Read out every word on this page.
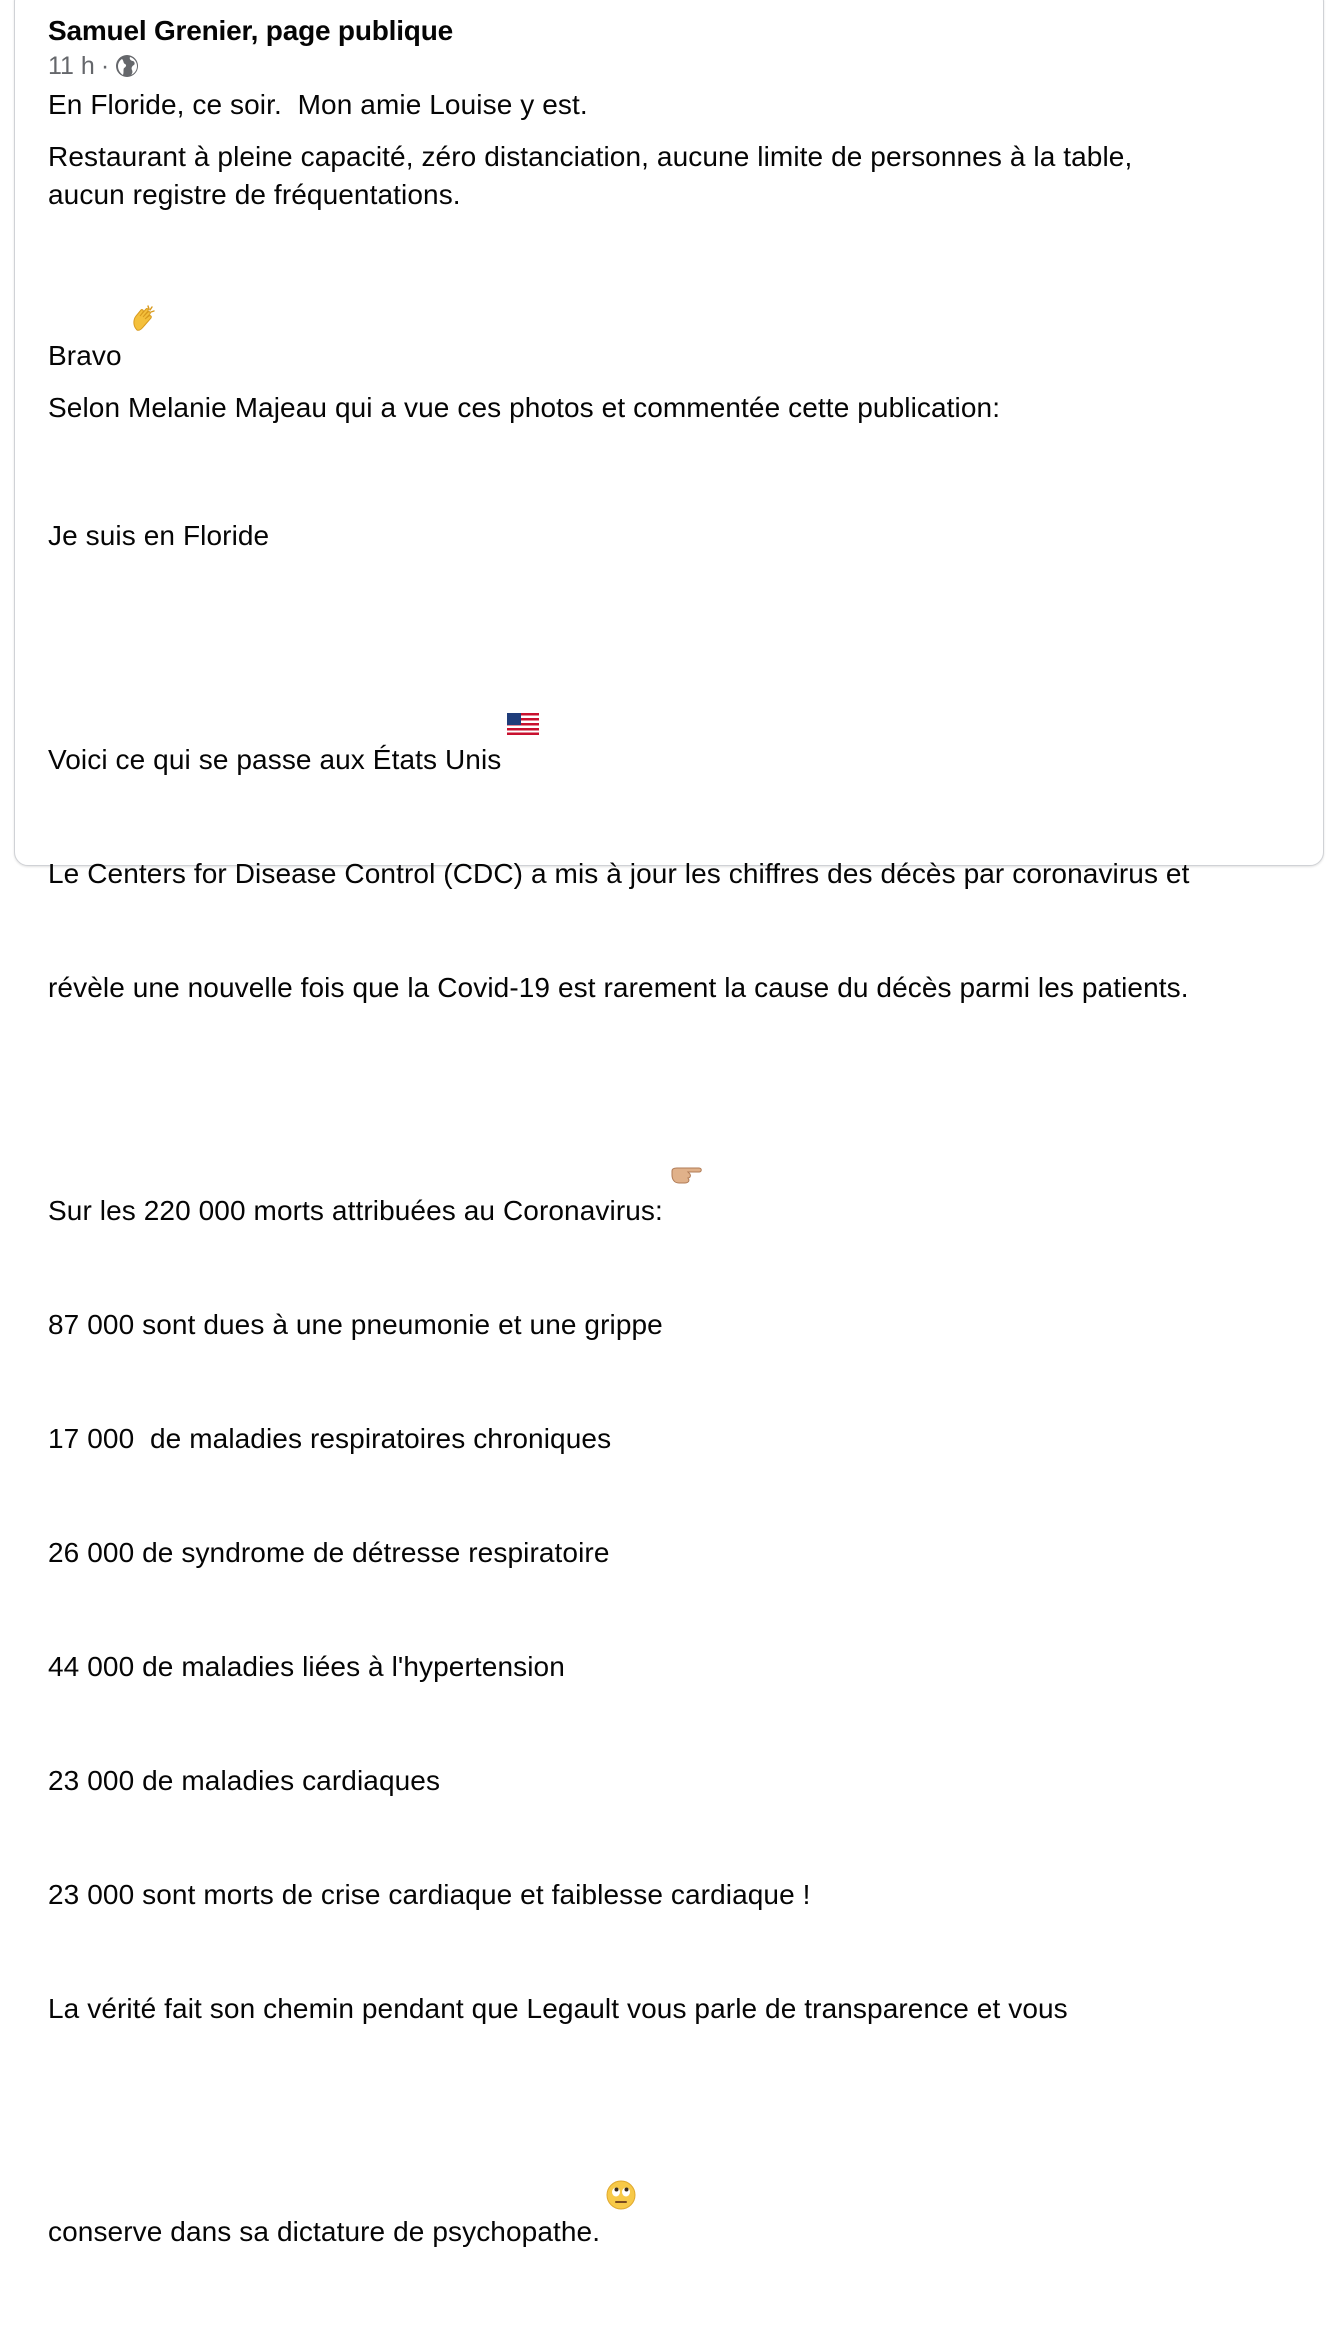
Samuel Grenier, page publique
11 h ·

En Floride, ce soir.  Mon amie Louise y est.

Restaurant à pleine capacité, zéro distanciation, aucune limite de personnes à la table,
aucun registre de fréquentations.

Bravo

Selon Melanie Majeau qui a vue ces photos et commentée cette publication:

Je suis en Floride

Voici ce qui se passe aux États Unis

Le Centers for Disease Control (CDC) a mis à jour les chiffres des décès par coronavirus et

révèle une nouvelle fois que la Covid-19 est rarement la cause du décès parmi les patients.

Sur les 220 000 morts attribuées au Coronavirus:

87 000 sont dues à une pneumonie et une grippe

17 000  de maladies respiratoires chroniques

26 000 de syndrome de détresse respiratoire

44 000 de maladies liées à l'hypertension

23 000 de maladies cardiaques

23 000 sont morts de crise cardiaque et faiblesse cardiaque !

La vérité fait son chemin pendant que Legault vous parle de transparence et vous

conserve dans sa dictature de psychopathe.
